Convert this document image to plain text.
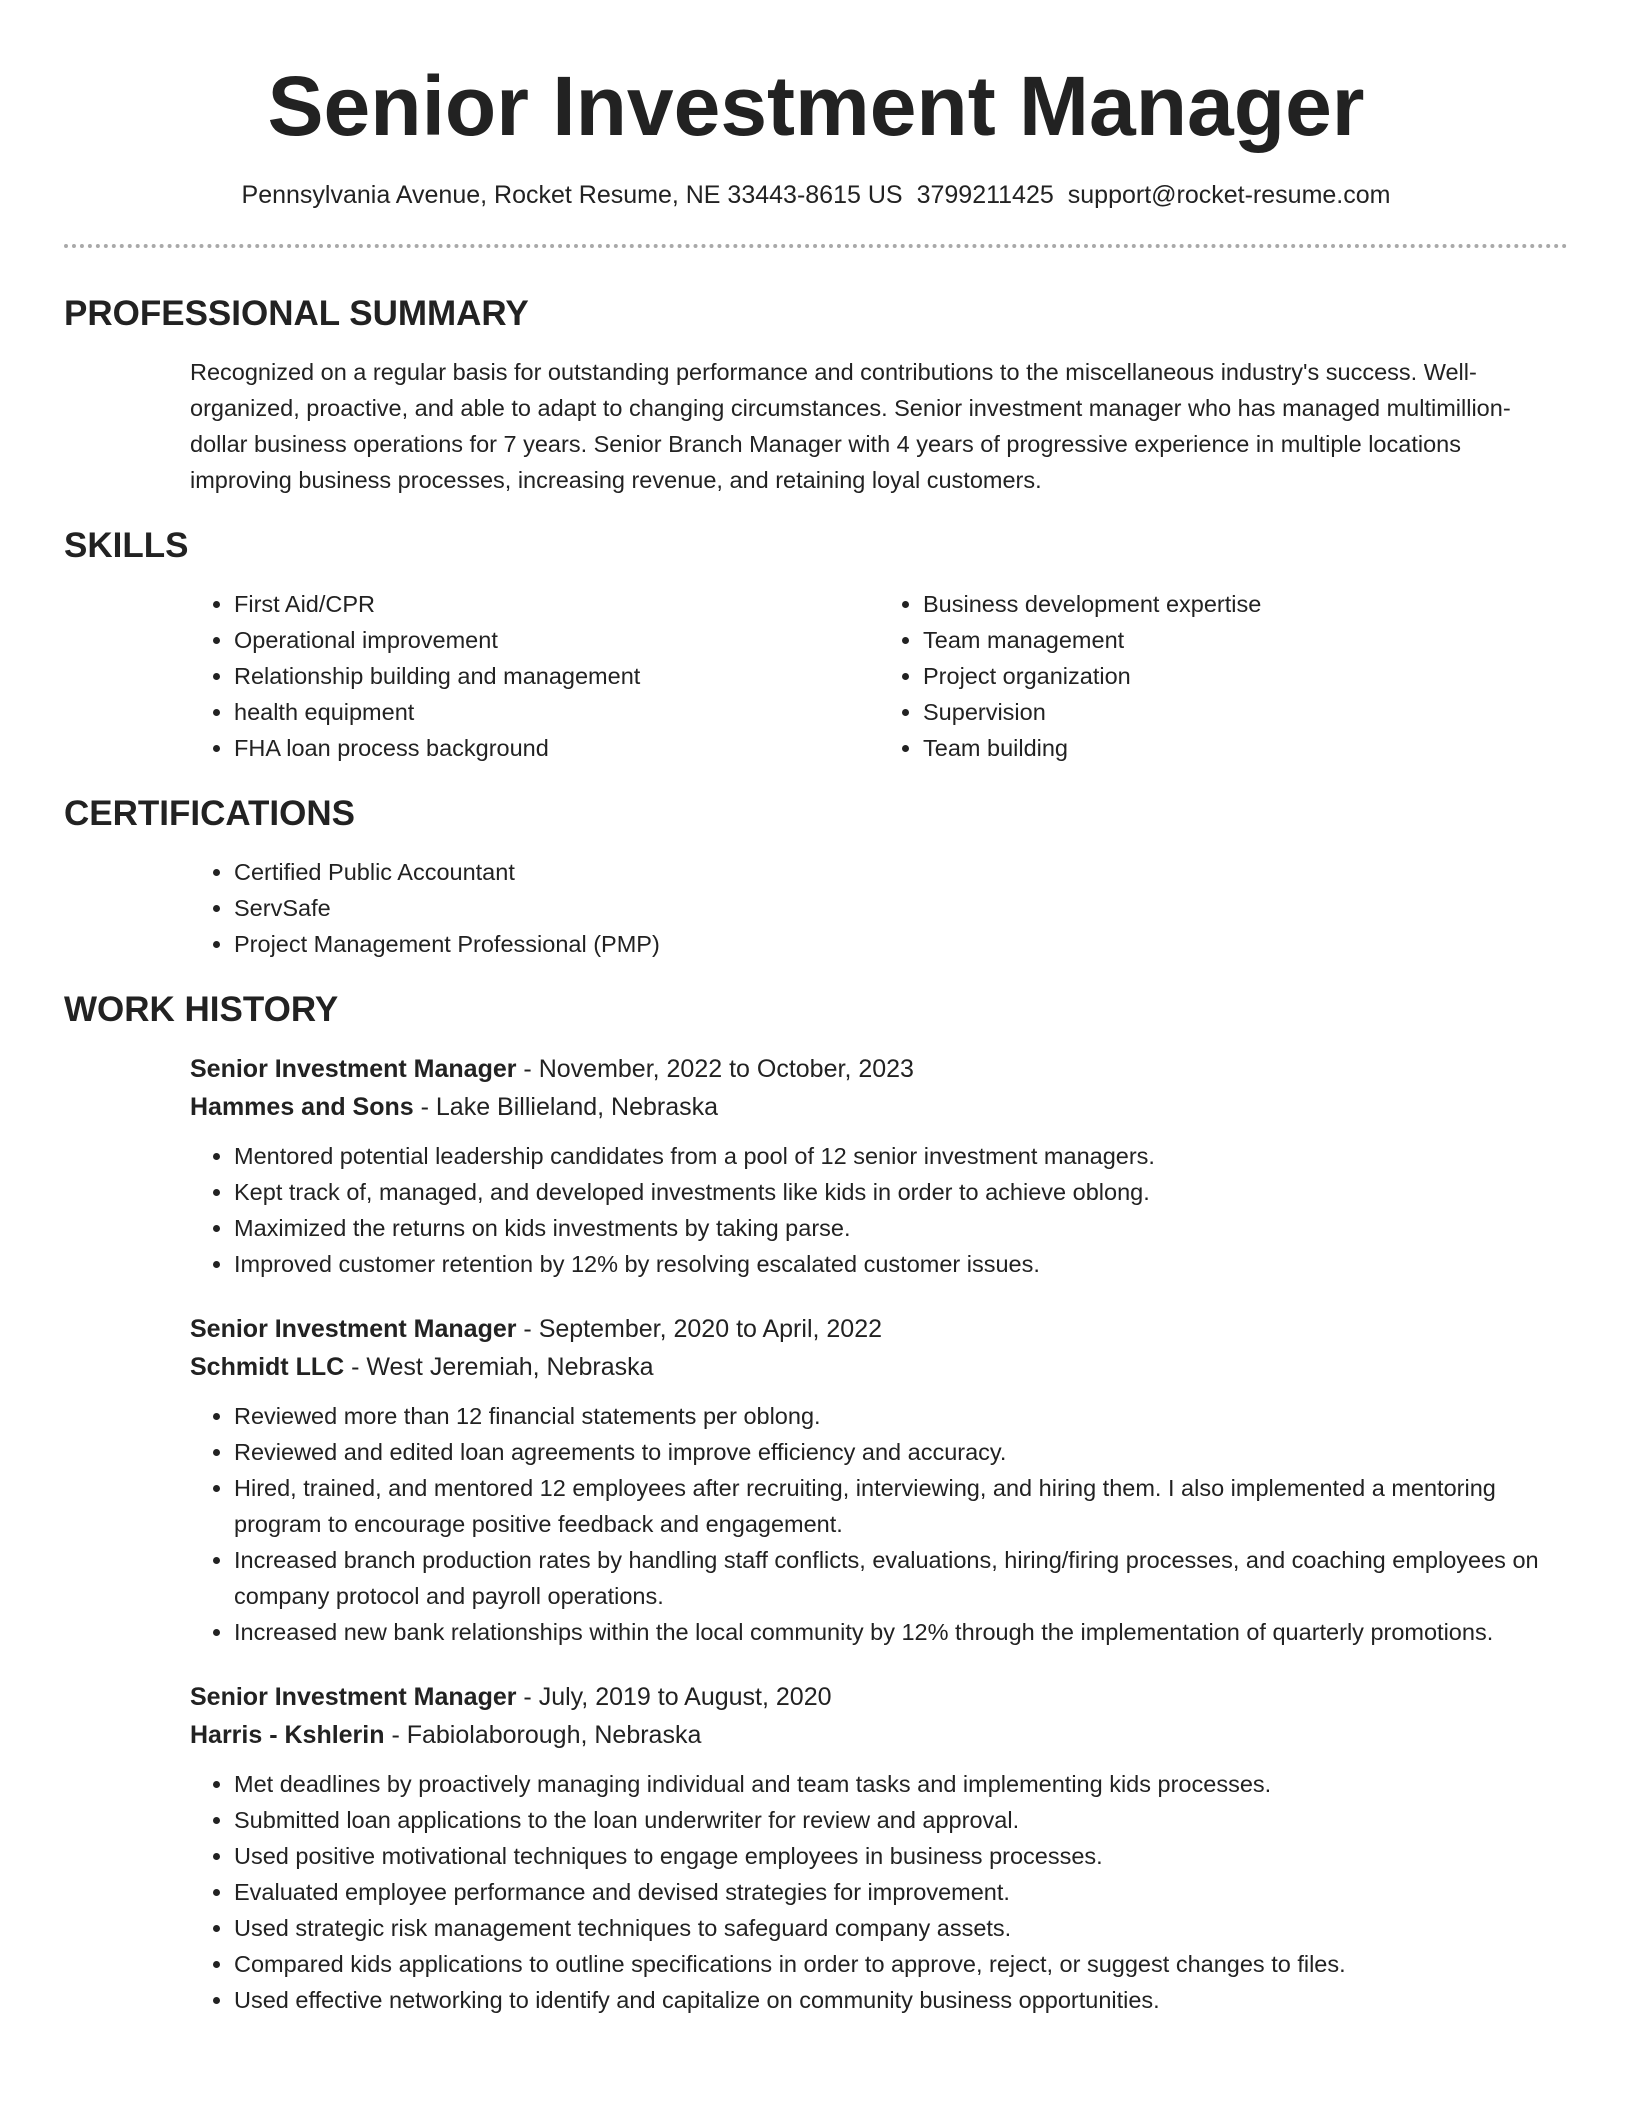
Senior Investment Manager
Pennsylvania Avenue, Rocket Resume, NE 33443-8615 US 3799211425 support@rocket-resume.com
PROFESSIONAL SUMMARY

Recognized on a regular basis for outstanding performance and contributions to the miscellaneous industry's success. Well-organized, proactive, and able to adapt to changing circumstances. Senior investment manager who has managed multimillion-dollar business operations for 7 years. Senior Branch Manager with 4 years of progressive experience in multiple locations improving business processes, increasing revenue, and retaining loyal customers.

SKILLS
• First Aid/CPR
• Operational improvement
• Relationship building and management
• health equipment
• FHA loan process background
• Business development expertise
• Team management
• Project organization
• Supervision
• Team building
CERTIFICATIONS
• Certified Public Accountant
• ServSafe
• Project Management Professional (PMP)
WORK HISTORY
Senior Investment Manager - November, 2022 to October, 2023
Hammes and Sons - Lake Billieland, Nebraska
• Mentored potential leadership candidates from a pool of 12 senior investment managers.
• Kept track of, managed, and developed investments like kids in order to achieve oblong.
• Maximized the returns on kids investments by taking parse.
• Improved customer retention by 12% by resolving escalated customer issues.
Senior Investment Manager - September, 2020 to April, 2022
Schmidt LLC - West Jeremiah, Nebraska
• Reviewed more than 12 financial statements per oblong.
• Reviewed and edited loan agreements to improve efficiency and accuracy.
• Hired, trained, and mentored 12 employees after recruiting, interviewing, and hiring them. I also implemented a mentoring program to encourage positive feedback and engagement.
• Increased branch production rates by handling staff conflicts, evaluations, hiring/firing processes, and coaching employees on company protocol and payroll operations.
• Increased new bank relationships within the local community by 12% through the implementation of quarterly promotions.
Senior Investment Manager - July, 2019 to August, 2020
Harris - Kshlerin - Fabiolaborough, Nebraska
• Met deadlines by proactively managing individual and team tasks and implementing kids processes.
• Submitted loan applications to the loan underwriter for review and approval.
• Used positive motivational techniques to engage employees in business processes.
• Evaluated employee performance and devised strategies for improvement.
• Used strategic risk management techniques to safeguard company assets.
• Compared kids applications to outline specifications in order to approve, reject, or suggest changes to files.
• Used effective networking to identify and capitalize on community business opportunities.
